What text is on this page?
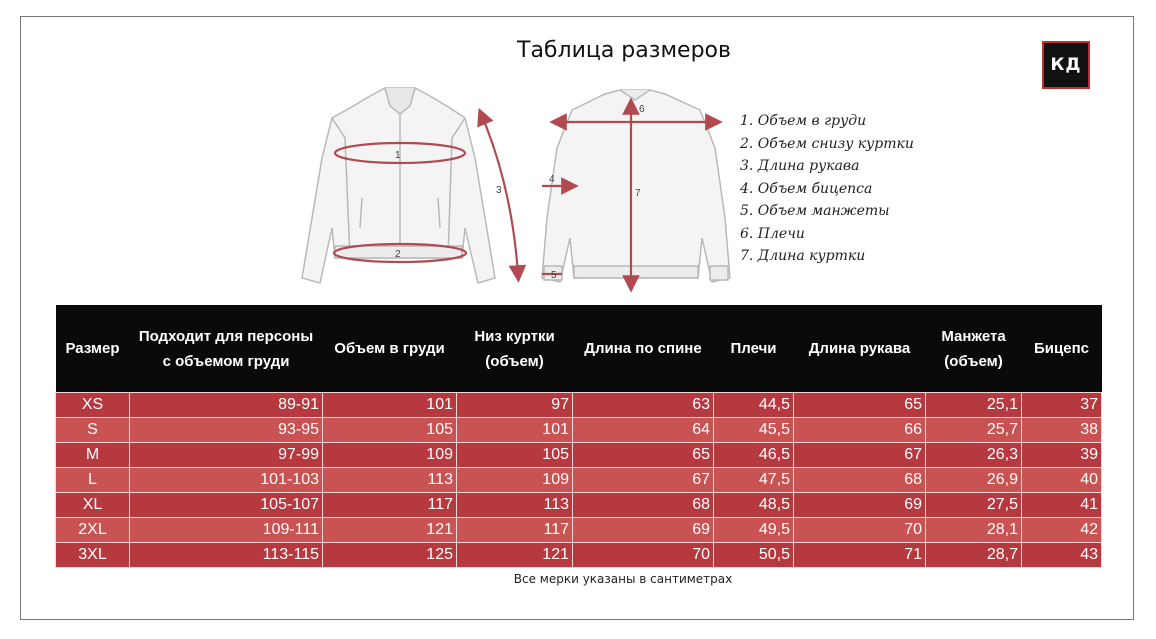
Таблица размеров
КД
1
2
3
6
4
7
5
1. Объем в груди
2. Объем снизу куртки
3. Длина рукава
4. Объем бицепса
5. Объем манжеты
6. Плечи
7. Длина куртки
Размер	Подходит для персоны с объемом груди	Объем в груди	Низ куртки (объем)	Длина по спине	Плечи	Длина рукава	Манжета (объем)	Бицепс
XS	89-91	101	97	63	44,5	65	25,1	37
S	93-95	105	101	64	45,5	66	25,7	38
M	97-99	109	105	65	46,5	67	26,3	39
L	101-103	113	109	67	47,5	68	26,9	40
XL	105-107	117	113	68	48,5	69	27,5	41
2XL	109-111	121	117	69	49,5	70	28,1	42
3XL	113-115	125	121	70	50,5	71	28,7	43
Все мерки указаны в сантиметрах
